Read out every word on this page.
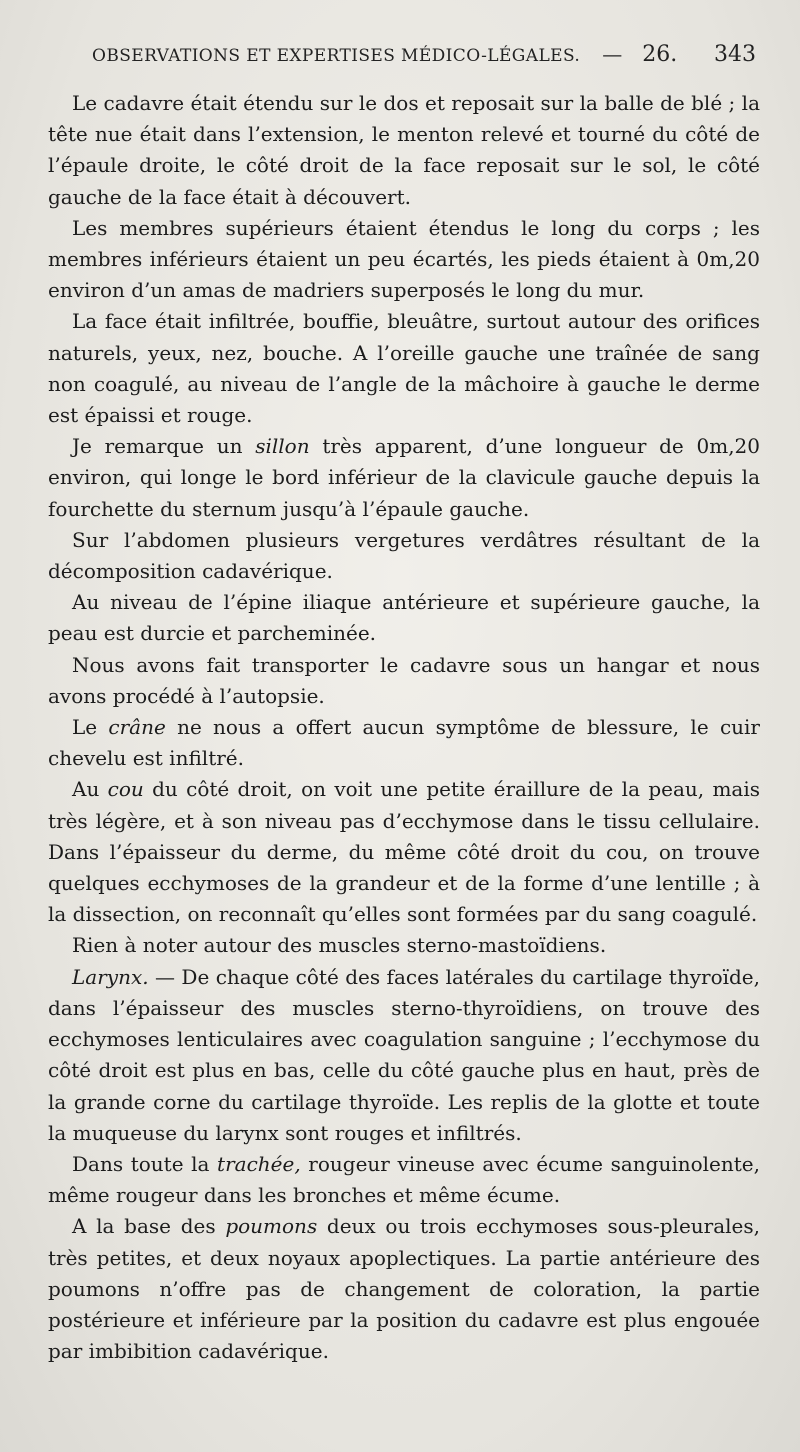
OBSERVATIONS ET EXPERTISES MÉDICO-LÉGALES. — 26. 343

Le cadavre était étendu sur le dos et reposait sur la balle de blé ; la tête nue était dans l’extension, le menton relevé et tourné du côté de l’épaule droite, le côté droit de la face reposait sur le sol, le côté gauche de la face était à découvert.

Les membres supérieurs étaient étendus le long du corps ; les membres inférieurs étaient un peu écartés, les pieds étaient à 0m,20 environ d’un amas de madriers superposés le long du mur.

La face était infiltrée, bouffie, bleuâtre, surtout autour des orifices naturels, yeux, nez, bouche. A l’oreille gauche une traînée de sang non coagulé, au niveau de l’angle de la mâchoire à gauche le derme est épaissi et rouge.

Je remarque un sillon très apparent, d’une longueur de 0m,20 environ, qui longe le bord inférieur de la clavicule gauche depuis la fourchette du sternum jusqu’à l’épaule gauche.

Sur l’abdomen plusieurs vergetures verdâtres résultant de la décomposition cadavérique.

Au niveau de l’épine iliaque antérieure et supérieure gauche, la peau est durcie et parcheminée.

Nous avons fait transporter le cadavre sous un hangar et nous avons procédé à l’autopsie.

Le crâne ne nous a offert aucun symptôme de blessure, le cuir chevelu est infiltré.

Au cou du côté droit, on voit une petite éraillure de la peau, mais très légère, et à son niveau pas d’ecchymose dans le tissu cellulaire. Dans l’épaisseur du derme, du même côté droit du cou, on trouve quelques ecchymoses de la grandeur et de la forme d’une lentille ; à la dissection, on reconnaît qu’elles sont formées par du sang coagulé.

Rien à noter autour des muscles sterno-mastoïdiens.

Larynx. — De chaque côté des faces latérales du cartilage thyroïde, dans l’épaisseur des muscles sterno-thyroïdiens, on trouve des ecchymoses lenticulaires avec coagulation sanguine ; l’ecchymose du côté droit est plus en bas, celle du côté gauche plus en haut, près de la grande corne du cartilage thyroïde. Les replis de la glotte et toute la muqueuse du larynx sont rouges et infiltrés.

Dans toute la trachée, rougeur vineuse avec écume sanguinolente, même rougeur dans les bronches et même écume.

A la base des poumons deux ou trois ecchymoses sous-pleurales, très petites, et deux noyaux apoplectiques. La partie antérieure des poumons n’offre pas de changement de coloration, la partie postérieure et inférieure par la position du cadavre est plus engouée par imbibition cadavérique.
